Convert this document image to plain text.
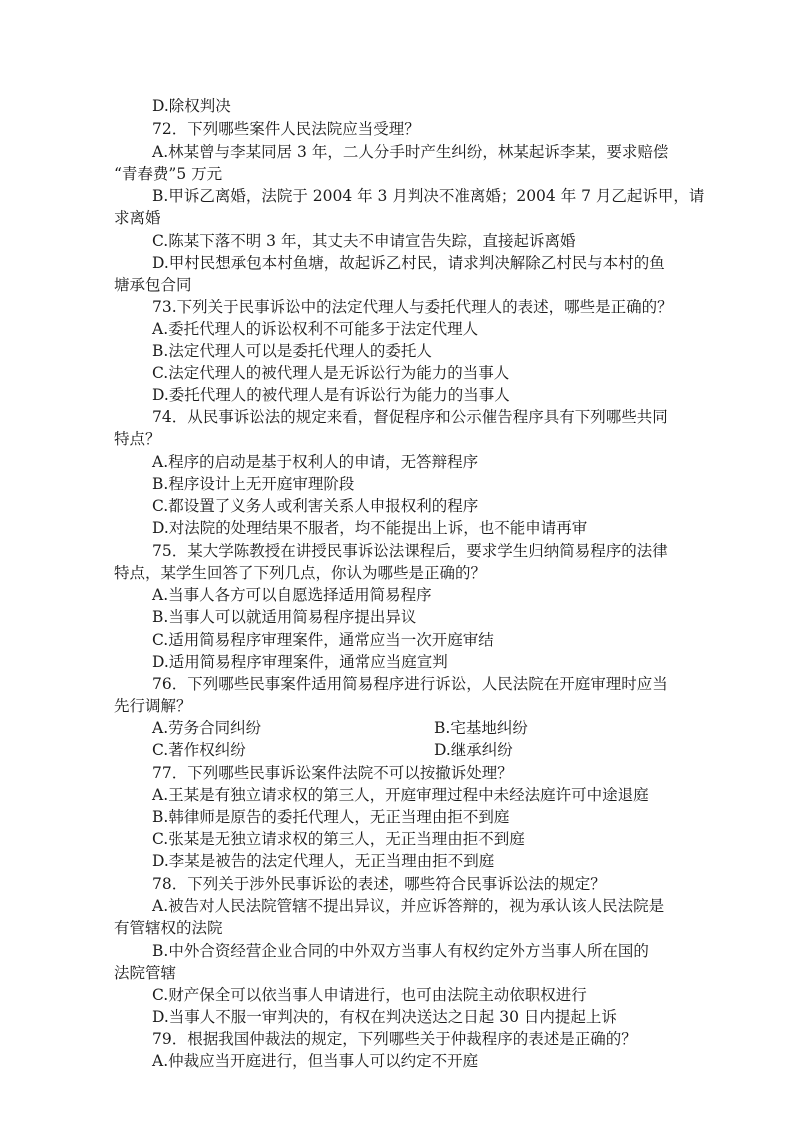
D.除权判决
72．下列哪些案件人民法院应当受理？
A.林某曾与李某同居 3 年，二人分手时产生纠纷，林某起诉李某，要求赔偿
“青春费”5 万元
B.甲诉乙离婚，法院于 2004 年 3 月判决不准离婚；2004 年 7 月乙起诉甲，请
求离婚
C.陈某下落不明 3 年，其丈夫不申请宣告失踪，直接起诉离婚
D.甲村民想承包本村鱼塘，故起诉乙村民，请求判决解除乙村民与本村的鱼
塘承包合同
73.下列关于民事诉讼中的法定代理人与委托代理人的表述，哪些是正确的？
A.委托代理人的诉讼权利不可能多于法定代理人
B.法定代理人可以是委托代理人的委托人
C.法定代理人的被代理人是无诉讼行为能力的当事人
D.委托代理人的被代理人是有诉讼行为能力的当事人
74．从民事诉讼法的规定来看，督促程序和公示催告程序具有下列哪些共同
特点？
A.程序的启动是基于权利人的申请，无答辩程序
B.程序设计上无开庭审理阶段
C.都设置了义务人或利害关系人申报权利的程序
D.对法院的处理结果不服者，均不能提出上诉，也不能申请再审
75．某大学陈教授在讲授民事诉讼法课程后，要求学生归纳简易程序的法律
特点，某学生回答了下列几点，你认为哪些是正确的？
A.当事人各方可以自愿选择适用简易程序
B.当事人可以就适用简易程序提出异议
C.适用简易程序审理案件，通常应当一次开庭审结
D.适用简易程序审理案件，通常应当庭宣判
76．下列哪些民事案件适用简易程序进行诉讼，人民法院在开庭审理时应当
先行调解？
A.劳务合同纠纷	B.宅基地纠纷
C.著作权纠纷	D.继承纠纷
77．下列哪些民事诉讼案件法院不可以按撤诉处理？
A.王某是有独立请求权的第三人，开庭审理过程中未经法庭许可中途退庭
B.韩律师是原告的委托代理人，无正当理由拒不到庭
C.张某是无独立请求权的第三人，无正当理由拒不到庭
D.李某是被告的法定代理人，无正当理由拒不到庭
78．下列关于涉外民事诉讼的表述，哪些符合民事诉讼法的规定？
A.被告对人民法院管辖不提出异议，并应诉答辩的，视为承认该人民法院是
有管辖权的法院
B.中外合资经营企业合同的中外双方当事人有权约定外方当事人所在国的
法院管辖
C.财产保全可以依当事人申请进行，也可由法院主动依职权进行
D.当事人不服一审判决的，有权在判决送达之日起 30 日内提起上诉
79．根据我国仲裁法的规定，下列哪些关于仲裁程序的表述是正确的？
A.仲裁应当开庭进行，但当事人可以约定不开庭
